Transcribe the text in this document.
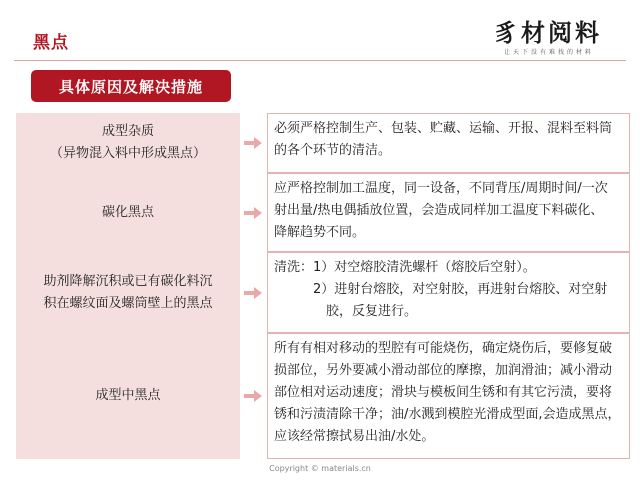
黑点	豸材阅料
让天下没有难找的材料
具体原因及解决措施
成型杂质
（异物混入料中形成黑点）
必须严格控制生产、包装、贮藏、运输、开报、混料至料筒
的各个环节的清洁。
碳化黑点
应严格控制加工温度，同一设备，不同背压/周期时间/一次
射出量/热电偶插放位置，会造成同样加工温度下料碳化、
降解趋势不同。
助剂降解沉积或已有碳化料沉
积在螺纹面及螺筒壁上的黑点
清洗：1）对空熔胶清洗螺杆（熔胶后空射）。
　　　2）进射台熔胶，对空射胶，再进射台熔胶、对空射
　　　　胶，反复进行。
成型中黑点
所有有相对移动的型腔有可能烧伤，确定烧伤后，要修复破
损部位，另外要减小滑动部位的摩擦，加润滑油；减小滑动
部位相对运动速度；滑块与模板间生锈和有其它污渍，要将
锈和污渍清除干净；油/水溅到模腔光滑成型面,会造成黑点，
应该经常擦拭易出油/水处。
Copyright © materials.cn
